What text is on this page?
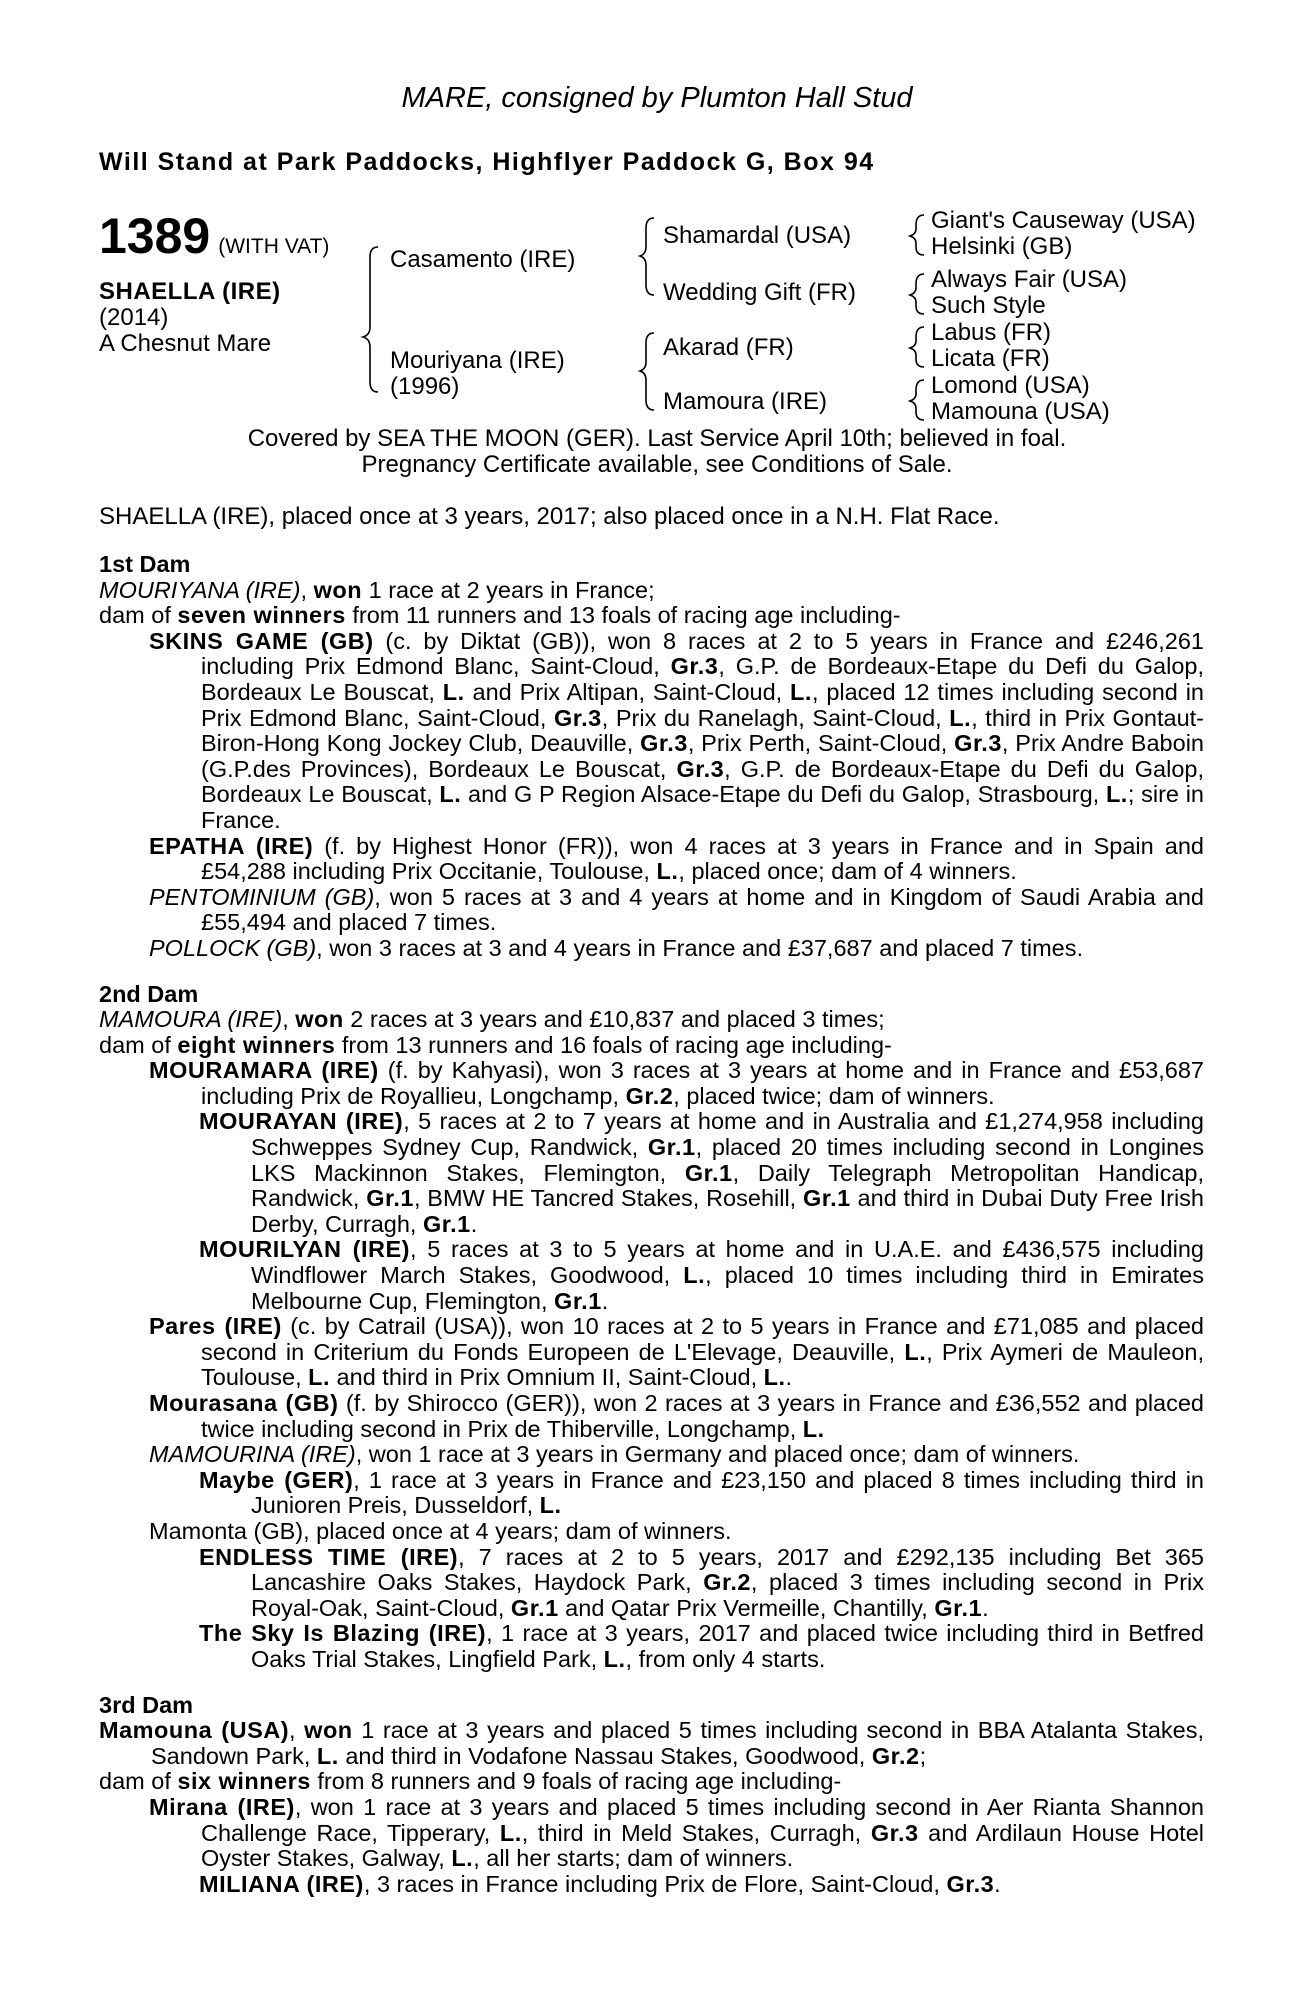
MARE, consigned by Plumton Hall Stud
Will Stand at Park Paddocks, Highflyer Paddock G, Box 94
1389 (WITH VAT)
SHAELLA (IRE)
(2014)
A Chesnut Mare
Casamento (IRE)
Mouriyana (IRE)
(1996)
Shamardal (USA)
Wedding Gift (FR)
Akarad (FR)
Mamoura (IRE)
Giant's Causeway (USA)
Helsinki (GB)
Always Fair (USA)
Such Style
Labus (FR)
Licata (FR)
Lomond (USA)
Mamouna (USA)
Covered by SEA THE MOON (GER). Last Service April 10th; believed in foal.
Pregnancy Certificate available, see Conditions of Sale.
SHAELLA (IRE), placed once at 3 years, 2017; also placed once in a N.H. Flat Race.
1st Dam
MOURIYANA (IRE), won 1 race at 2 years in France;
dam of seven winners from 11 runners and 13 foals of racing age including-
SKINS GAME (GB) (c. by Diktat (GB)), won 8 races at 2 to 5 years in France and £246,261 including Prix Edmond Blanc, Saint-Cloud, Gr.3, G.P. de Bordeaux-Etape du Defi du Galop, Bordeaux Le Bouscat, L. and Prix Altipan, Saint-Cloud, L., placed 12 times including second in Prix Edmond Blanc, Saint-Cloud, Gr.3, Prix du Ranelagh, Saint-Cloud, L., third in Prix Gontaut-Biron-Hong Kong Jockey Club, Deauville, Gr.3, Prix Perth, Saint-Cloud, Gr.3, Prix Andre Baboin (G.P.des Provinces), Bordeaux Le Bouscat, Gr.3, G.P. de Bordeaux-Etape du Defi du Galop, Bordeaux Le Bouscat, L. and G P Region Alsace-Etape du Defi du Galop, Strasbourg, L.; sire in France.
EPATHA (IRE) (f. by Highest Honor (FR)), won 4 races at 3 years in France and in Spain and £54,288 including Prix Occitanie, Toulouse, L., placed once; dam of 4 winners.
PENTOMINIUM (GB), won 5 races at 3 and 4 years at home and in Kingdom of Saudi Arabia and £55,494 and placed 7 times.
POLLOCK (GB), won 3 races at 3 and 4 years in France and £37,687 and placed 7 times.
2nd Dam
MAMOURA (IRE), won 2 races at 3 years and £10,837 and placed 3 times;
dam of eight winners from 13 runners and 16 foals of racing age including-
MOURAMARA (IRE) (f. by Kahyasi), won 3 races at 3 years at home and in France and £53,687 including Prix de Royallieu, Longchamp, Gr.2, placed twice; dam of winners.
MOURAYAN (IRE), 5 races at 2 to 7 years at home and in Australia and £1,274,958 including Schweppes Sydney Cup, Randwick, Gr.1, placed 20 times including second in Longines LKS Mackinnon Stakes, Flemington, Gr.1, Daily Telegraph Metropolitan Handicap, Randwick, Gr.1, BMW HE Tancred Stakes, Rosehill, Gr.1 and third in Dubai Duty Free Irish Derby, Curragh, Gr.1.
MOURILYAN (IRE), 5 races at 3 to 5 years at home and in U.A.E. and £436,575 including Windflower March Stakes, Goodwood, L., placed 10 times including third in Emirates Melbourne Cup, Flemington, Gr.1.
Pares (IRE) (c. by Catrail (USA)), won 10 races at 2 to 5 years in France and £71,085 and placed second in Criterium du Fonds Europeen de L'Elevage, Deauville, L., Prix Aymeri de Mauleon, Toulouse, L. and third in Prix Omnium II, Saint-Cloud, L..
Mourasana (GB) (f. by Shirocco (GER)), won 2 races at 3 years in France and £36,552 and placed twice including second in Prix de Thiberville, Longchamp, L.
MAMOURINA (IRE), won 1 race at 3 years in Germany and placed once; dam of winners.
Maybe (GER), 1 race at 3 years in France and £23,150 and placed 8 times including third in Junioren Preis, Dusseldorf, L.
Mamonta (GB), placed once at 4 years; dam of winners.
ENDLESS TIME (IRE), 7 races at 2 to 5 years, 2017 and £292,135 including Bet 365 Lancashire Oaks Stakes, Haydock Park, Gr.2, placed 3 times including second in Prix Royal-Oak, Saint-Cloud, Gr.1 and Qatar Prix Vermeille, Chantilly, Gr.1.
The Sky Is Blazing (IRE), 1 race at 3 years, 2017 and placed twice including third in Betfred Oaks Trial Stakes, Lingfield Park, L., from only 4 starts.
3rd Dam
Mamouna (USA), won 1 race at 3 years and placed 5 times including second in BBA Atalanta Stakes, Sandown Park, L. and third in Vodafone Nassau Stakes, Goodwood, Gr.2;
dam of six winners from 8 runners and 9 foals of racing age including-
Mirana (IRE), won 1 race at 3 years and placed 5 times including second in Aer Rianta Shannon Challenge Race, Tipperary, L., third in Meld Stakes, Curragh, Gr.3 and Ardilaun House Hotel Oyster Stakes, Galway, L., all her starts; dam of winners.
MILIANA (IRE), 3 races in France including Prix de Flore, Saint-Cloud, Gr.3.
